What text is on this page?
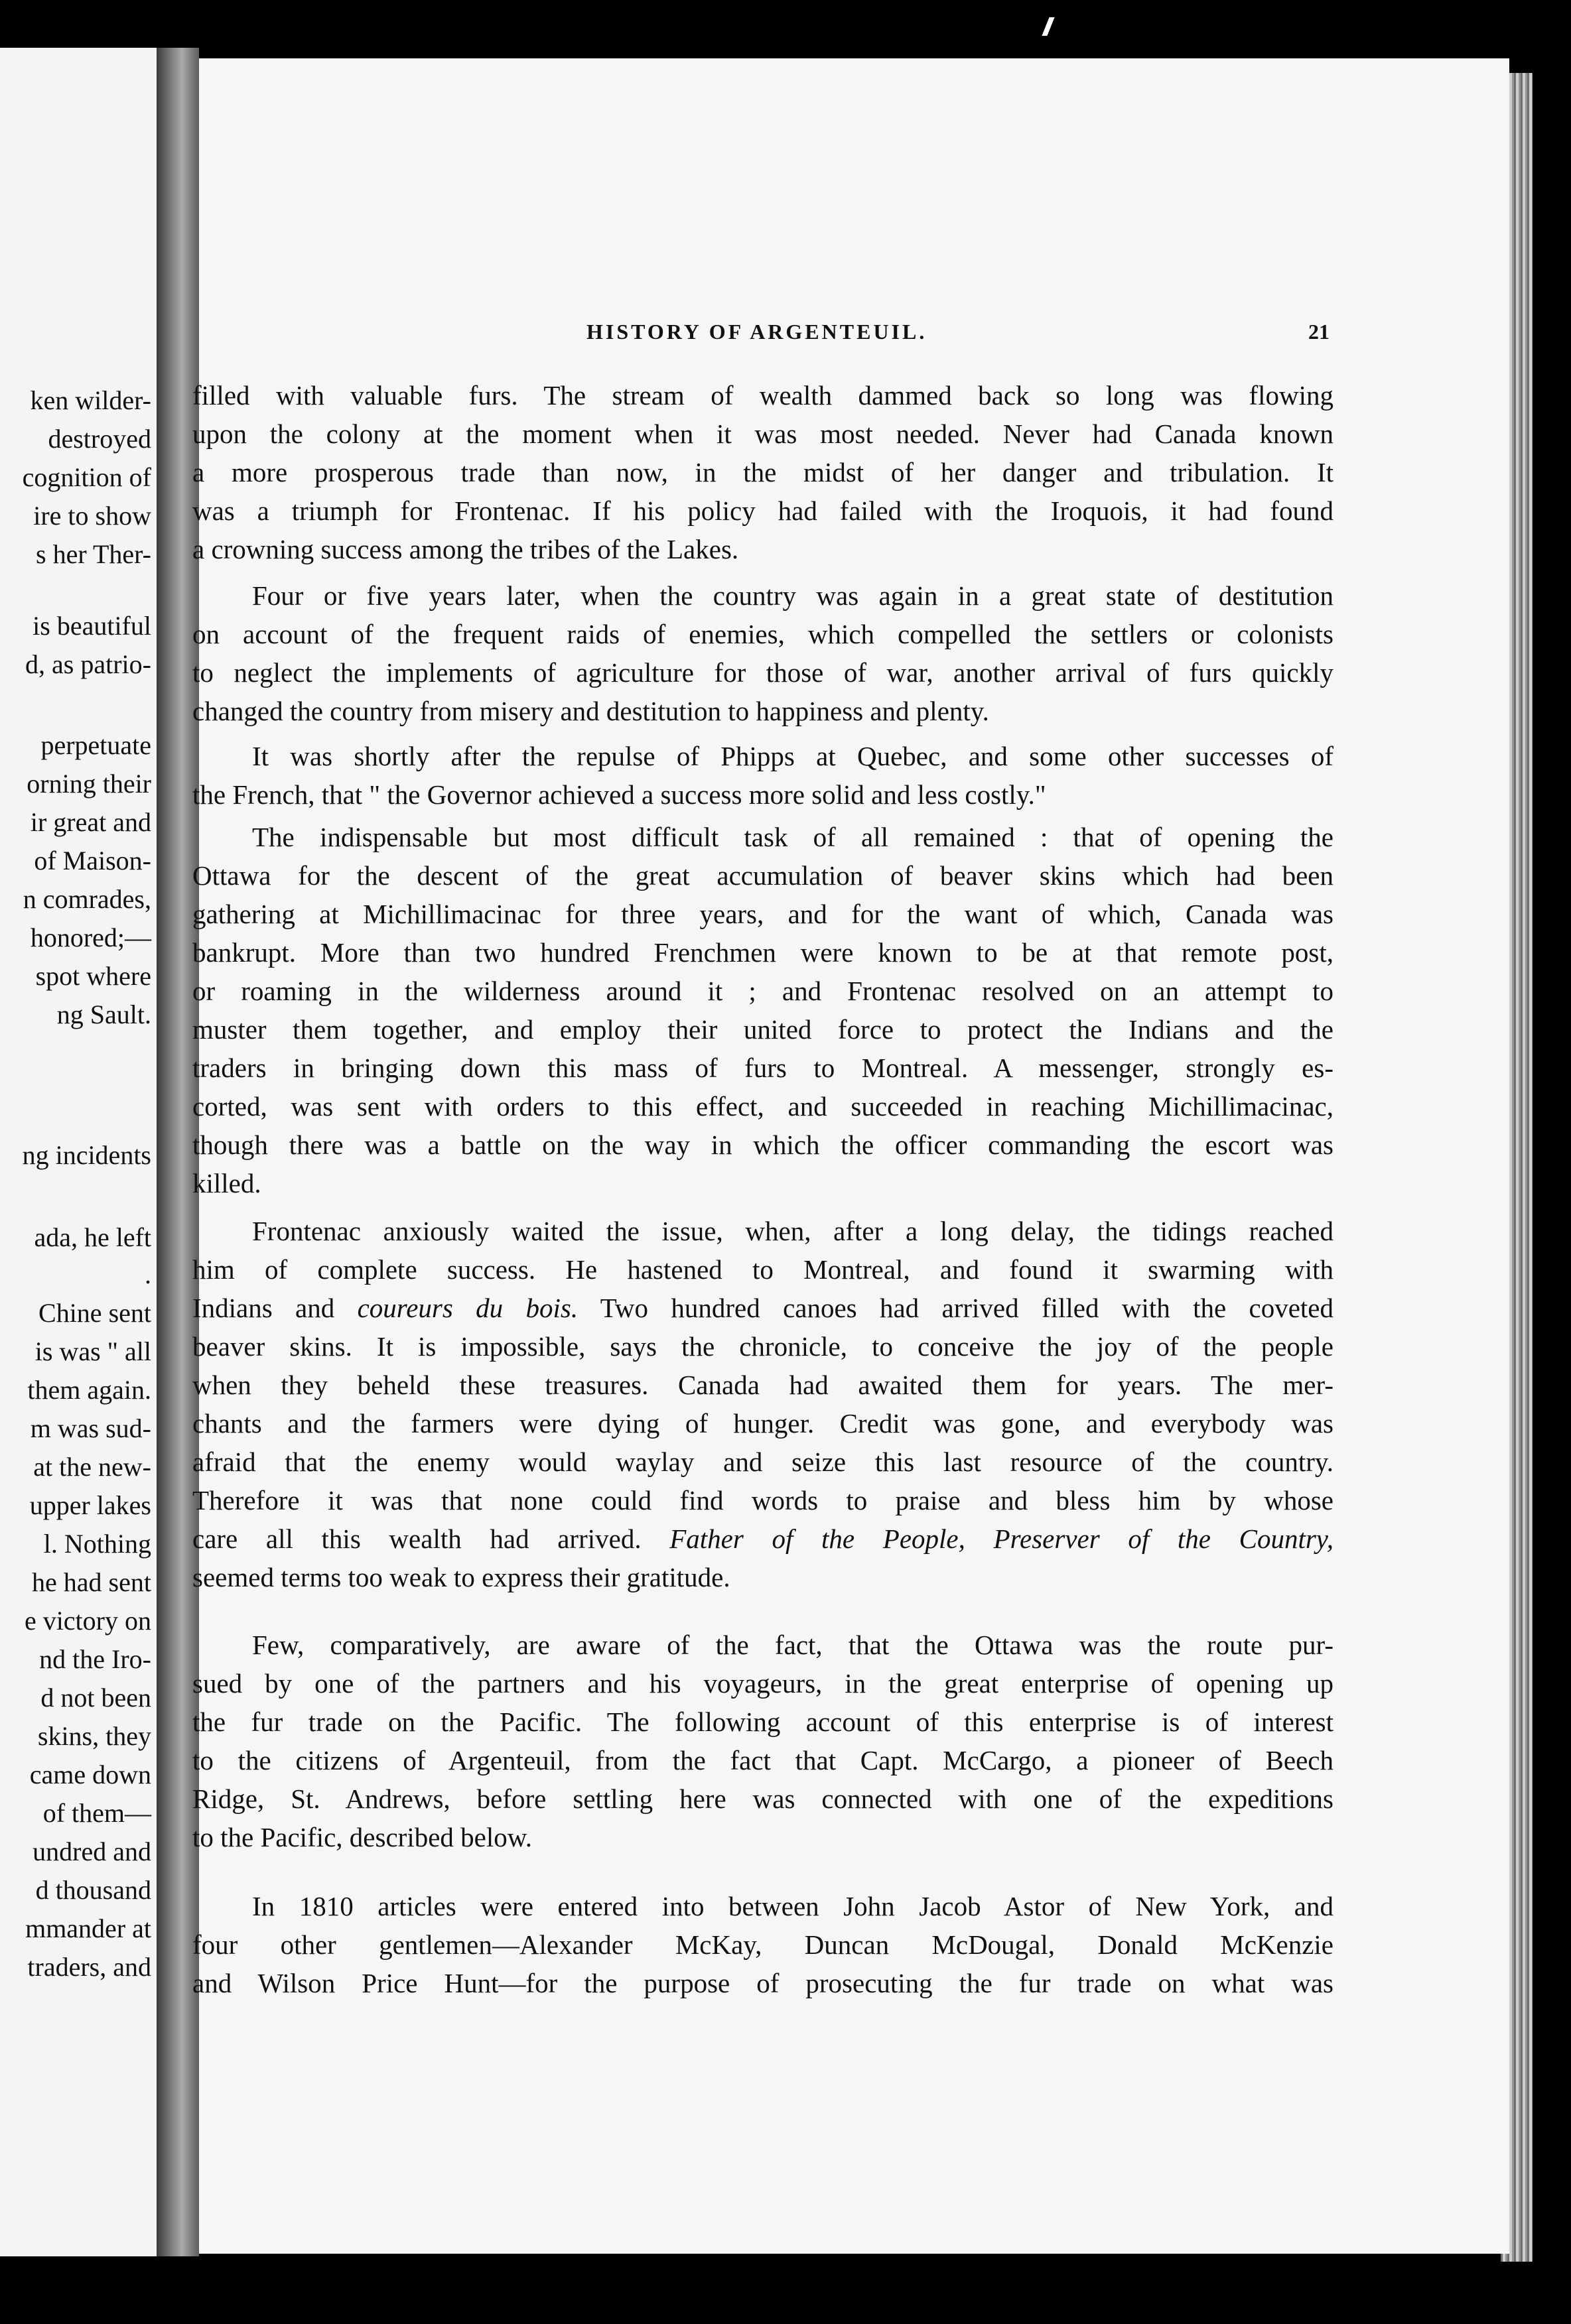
ken wilder-
destroyed
cognition of
ire to show
s her Ther-
is beautiful
d, as patrio-
perpetuate
orning their
ir great and
of Maison-
n comrades,
honored;—
spot where
ng Sault.
ng incidents
ada, he left
.
Chine sent
is was " all
them again.
m was sud-
at the new-
upper lakes
l. Nothing
he had sent
e victory on
nd the Iro-
d not been
skins, they
came down
of them—
undred and
d thousand
mmander at
traders, and
HISTORY OF ARGENTEUIL.	21
filled with valuable furs. The stream of wealth dammed back so long was flowing
upon the colony at the moment when it was most needed. Never had Canada known
a more prosperous trade than now, in the midst of her danger and tribulation. It
was a triumph for Frontenac. If his policy had failed with the Iroquois, it had found
a crowning success among the tribes of the Lakes.
Four or five years later, when the country was again in a great state of destitution
on account of the frequent raids of enemies, which compelled the settlers or colonists
to neglect the implements of agriculture for those of war, another arrival of furs quickly
changed the country from misery and destitution to happiness and plenty.
It was shortly after the repulse of Phipps at Quebec, and some other successes of
the French, that " the Governor achieved a success more solid and less costly."
The indispensable but most difficult task of all remained : that of opening the
Ottawa for the descent of the great accumulation of beaver skins which had been
gathering at Michillimacinac for three years, and for the want of which, Canada was
bankrupt. More than two hundred Frenchmen were known to be at that remote post,
or roaming in the wilderness around it ; and Frontenac resolved on an attempt to
muster them together, and employ their united force to protect the Indians and the
traders in bringing down this mass of furs to Montreal. A messenger, strongly es-
corted, was sent with orders to this effect, and succeeded in reaching Michillimacinac,
though there was a battle on the way in which the officer commanding the escort was
killed.
Frontenac anxiously waited the issue, when, after a long delay, the tidings reached
him of complete success. He hastened to Montreal, and found it swarming with
Indians and coureurs du bois. Two hundred canoes had arrived filled with the coveted
beaver skins. It is impossible, says the chronicle, to conceive the joy of the people
when they beheld these treasures. Canada had awaited them for years. The mer-
chants and the farmers were dying of hunger. Credit was gone, and everybody was
afraid that the enemy would waylay and seize this last resource of the country.
Therefore it was that none could find words to praise and bless him by whose
care all this wealth had arrived. Father of the People, Preserver of the Country,
seemed terms too weak to express their gratitude.
Few, comparatively, are aware of the fact, that the Ottawa was the route pur-
sued by one of the partners and his voyageurs, in the great enterprise of opening up
the fur trade on the Pacific. The following account of this enterprise is of interest
to the citizens of Argenteuil, from the fact that Capt. McCargo, a pioneer of Beech
Ridge, St. Andrews, before settling here was connected with one of the expeditions
to the Pacific, described below.
In 1810 articles were entered into between John Jacob Astor of New York, and
four other gentlemen—Alexander McKay, Duncan McDougal, Donald McKenzie
and Wilson Price Hunt—for the purpose of prosecuting the fur trade on what was
